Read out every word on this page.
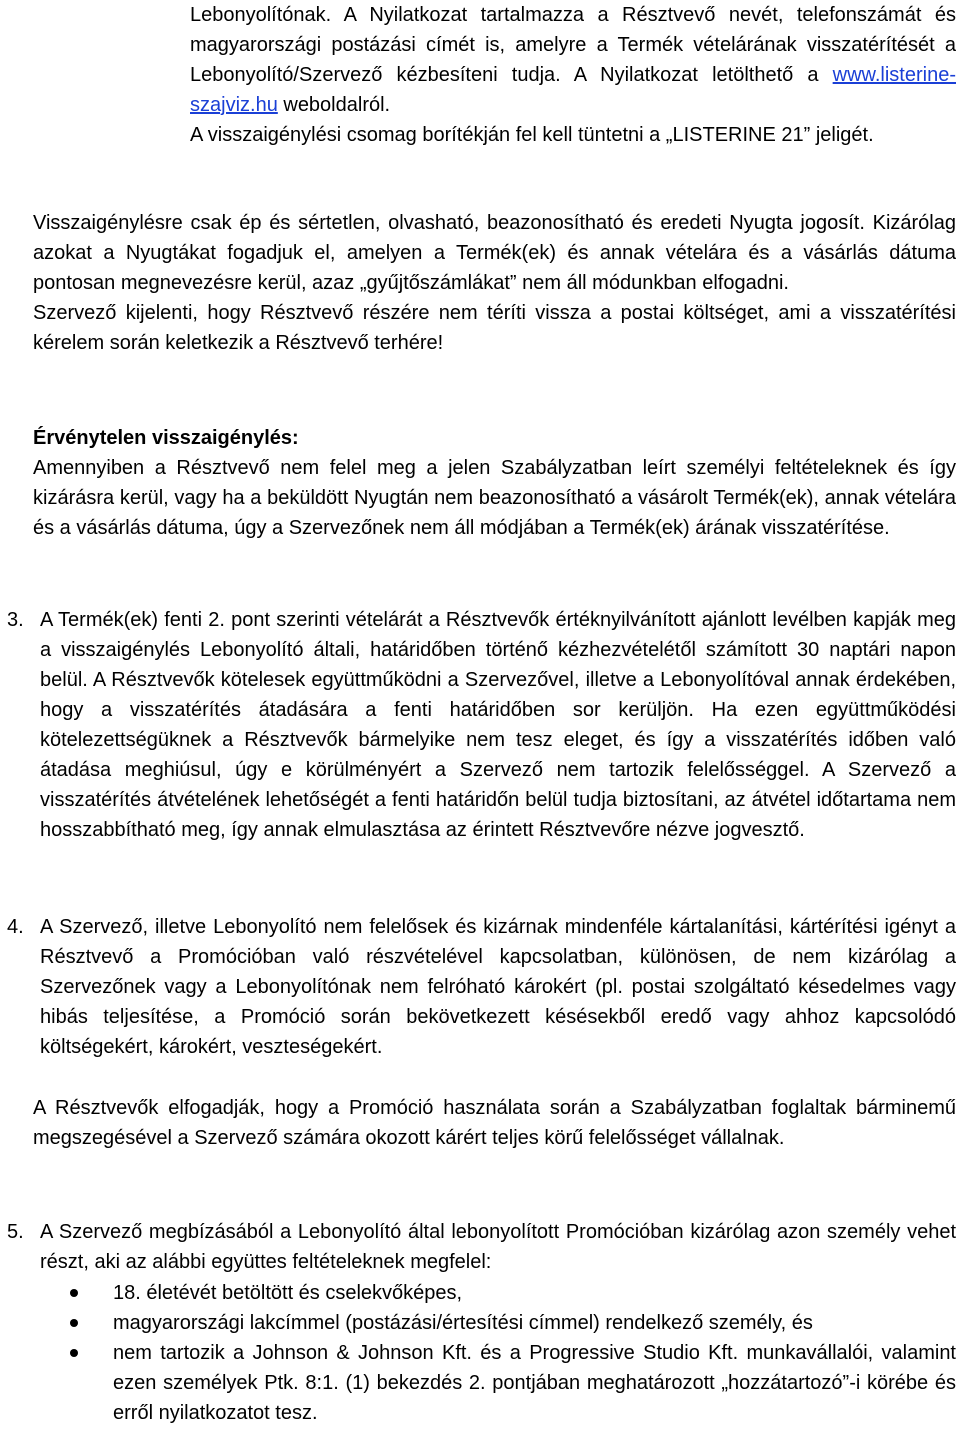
Lebonyolítónak. A Nyilatkozat tartalmazza a Résztvevő nevét, telefonszámát és magyarországi postázási címét is, amelyre a Termék vételárának visszatérítését a Lebonyolító/Szervező kézbesíteni tudja. A Nyilatkozat letölthető a www.listerine-szajviz.hu weboldalról.

A visszaigénylési csomag borítékján fel kell tüntetni a „LISTERINE 21” jeligét.

Visszaigénylésre csak ép és sértetlen, olvasható, beazonosítható és eredeti Nyugta jogosít. Kizárólag azokat a Nyugtákat fogadjuk el, amelyen a Termék(ek) és annak vételára és a vásárlás dátuma pontosan megnevezésre kerül, azaz „gyűjtőszámlákat” nem áll módunkban elfogadni.

Szervező kijelenti, hogy Résztvevő részére nem téríti vissza a postai költséget, ami a visszatérítési kérelem során keletkezik a Résztvevő terhére!

Érvénytelen visszaigénylés:

Amennyiben a Résztvevő nem felel meg a jelen Szabályzatban leírt személyi feltételeknek és így kizárásra kerül, vagy ha a beküldött Nyugtán nem beazonosítható a vásárolt Termék(ek), annak vételára és a vásárlás dátuma, úgy a Szervezőnek nem áll módjában a Termék(ek) árának visszatérítése.

3. A Termék(ek) fenti 2. pont szerinti vételárát a Résztvevők értéknyilvánított ajánlott levélben kapják meg a visszaigénylés Lebonyolító általi, határidőben történő kézhezvételétől számított 30 naptári napon belül. A Résztvevők kötelesek együttműködni a Szervezővel, illetve a Lebonyolítóval annak érdekében, hogy a visszatérítés átadására a fenti határidőben sor kerüljön. Ha ezen együttműködési kötelezettségüknek a Résztvevők bármelyike nem tesz eleget, és így a visszatérítés időben való átadása meghiúsul, úgy e körülményért a Szervező nem tartozik felelősséggel. A Szervező a visszatérítés átvételének lehetőségét a fenti határidőn belül tudja biztosítani, az átvétel időtartama nem hosszabbítható meg, így annak elmulasztása az érintett Résztvevőre nézve jogvesztő.

4. A Szervező, illetve Lebonyolító nem felelősek és kizárnak mindenféle kártalanítási, kártérítési igényt a Résztvevő a Promócióban való részvételével kapcsolatban, különösen, de nem kizárólag a Szervezőnek vagy a Lebonyolítónak nem felróható károkért (pl. postai szolgáltató késedelmes vagy hibás teljesítése, a Promóció során bekövetkezett késésekből eredő vagy ahhoz kapcsolódó költségekért, károkért, veszteségekért.

A Résztvevők elfogadják, hogy a Promóció használata során a Szabályzatban foglaltak bárminemű megszegésével a Szervező számára okozott kárért teljes körű felelősséget vállalnak.

5. A Szervező megbízásából a Lebonyolító által lebonyolított Promócióban kizárólag azon személy vehet részt, aki az alábbi együttes feltételeknek megfelel:

18. életévét betöltött és cselekvőképes,
magyarországi lakcímmel (postázási/értesítési címmel) rendelkező személy, és
nem tartozik a Johnson & Johnson Kft. és a Progressive Studio Kft. munkavállalói, valamint ezen személyek Ptk. 8:1. (1) bekezdés 2. pontjában meghatározott „hozzátartozó”-i körébe és erről nyilatkozatot tesz.
